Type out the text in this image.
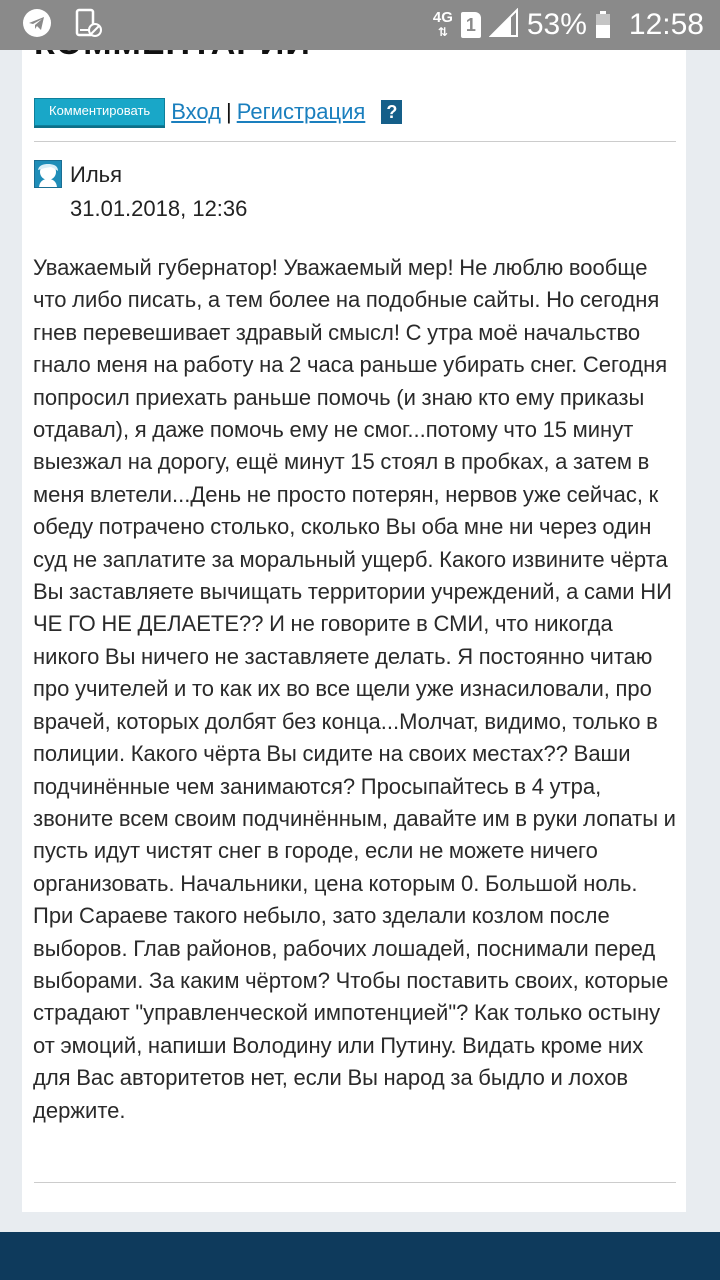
4G
⇅ 1 53% 12:58
Комментировать Вход | Регистрация ?
Илья
31.01.2018, 12:36
Уважаемый губернатор! Уважаемый мер! Не люблю вообще что либо писать, а тем более на подобные сайты. Но сегодня гнев перевешивает здравый смысл! С утра моё начальство гнало меня на работу на 2 часа раньше убирать снег. Сегодня попросил приехать раньше помочь (и знаю кто ему приказы отдавал), я даже помочь ему не смог...потому что 15 минут выезжал на дорогу, ещё минут 15 стоял в пробках, а затем в меня влетели...День не просто потерян, нервов уже сейчас, к обеду потрачено столько, сколько Вы оба мне ни через один суд не заплатите за моральный ущерб. Какого извините чёрта Вы заставляете вычищать территории учреждений, а сами НИ ЧЕ ГО НЕ ДЕЛАЕТЕ?? И не говорите в СМИ, что никогда никого Вы ничего не заставляете делать. Я постоянно читаю про учителей и то как их во все щели уже изнасиловали, про врачей, которых долбят без конца...Молчат, видимо, только в полиции. Какого чёрта Вы сидите на своих местах?? Ваши подчинённые чем занимаются? Просыпайтесь в 4 утра, звоните всем своим подчинённым, давайте им в руки лопаты и пусть идут чистят снег в городе, если не можете ничего организовать. Начальники, цена которым 0. Большой ноль. При Сараеве такого небыло, зато зделали козлом после выборов. Глав районов, рабочих лошадей, поснимали перед выборами. За каким чёртом? Чтобы поставить своих, которые страдают "управленческой импотенцией"? Как только остыну от эмоций, напиши Володину или Путину. Видать кроме них для Вас авторитетов нет, если Вы народ за быдло и лохов держите.
